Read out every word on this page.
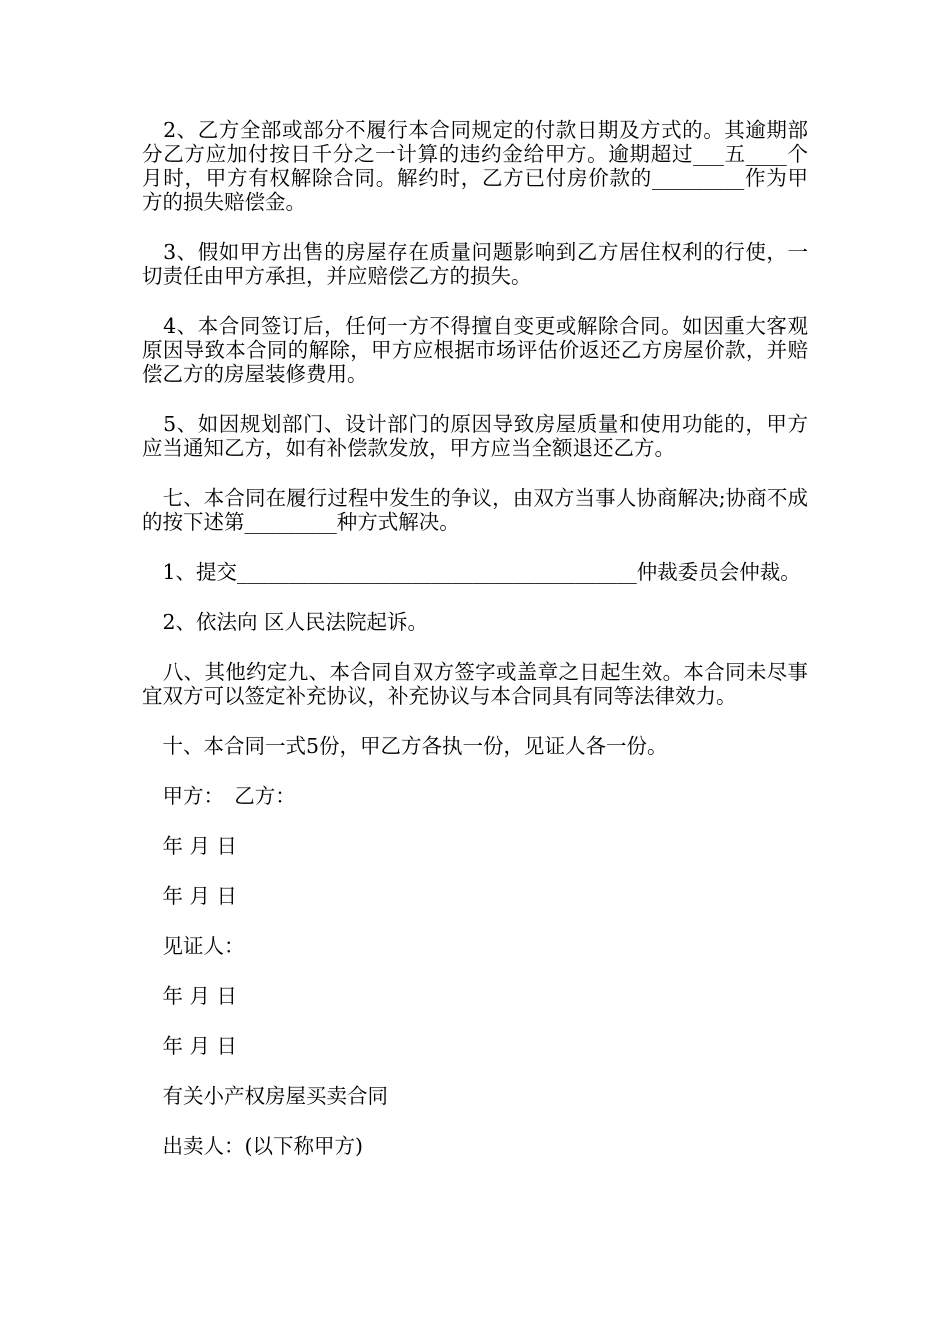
　2、乙方全部或部分不履行本合同规定的付款日期及方式的。其逾期部分乙方应加付按日千分之一计算的违约金给甲方。逾期超过___五____个月时，甲方有权解除合同。解约时，乙方已付房价款的_________作为甲方的损失赔偿金。

　3、假如甲方出售的房屋存在质量问题影响到乙方居住权利的行使，一切责任由甲方承担，并应赔偿乙方的损失。

　4、本合同签订后，任何一方不得擅自变更或解除合同。如因重大客观原因导致本合同的解除，甲方应根据市场评估价返还乙方房屋价款，并赔偿乙方的房屋装修费用。

　5、如因规划部门、设计部门的原因导致房屋质量和使用功能的，甲方应当通知乙方，如有补偿款发放，甲方应当全额退还乙方。

　七、本合同在履行过程中发生的争议，由双方当事人协商解决;协商不成的按下述第_________种方式解决。

　1、提交_______________________________________仲裁委员会仲裁。

　2、依法向 区人民法院起诉。

　八、其他约定九、本合同自双方签字或盖章之日起生效。本合同未尽事宜双方可以签定补充协议，补充协议与本合同具有同等法律效力。

　十、本合同一式5份，甲乙方各执一份，见证人各一份。

　甲方：　乙方：

　年 月 日

　年 月 日

　见证人：

　年 月 日

　年 月 日

　有关小产权房屋买卖合同

　出卖人：(以下称甲方)
